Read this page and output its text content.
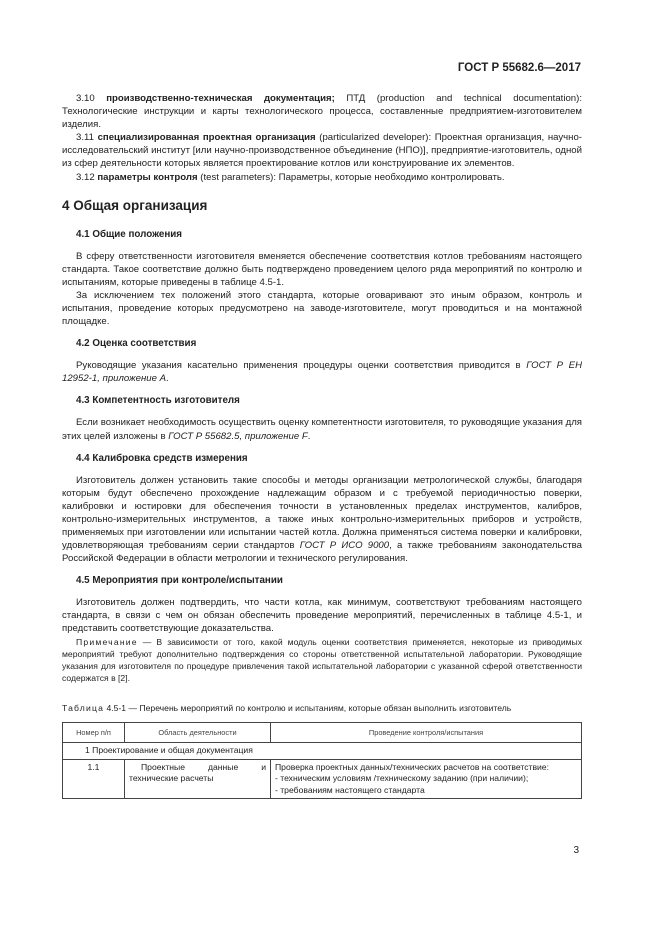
ГОСТ Р 55682.6—2017

3.10 производственно-техническая документация; ПТД (production and technical documentation): Технологические инструкции и карты технологического процесса, составленные предприятием-изготовителем изделия.

3.11 специализированная проектная организация (particularized developer): Проектная организация, научно-исследовательский институт [или научно-производственное объединение (НПО)], предприятие-изготовитель, одной из сфер деятельности которых является проектирование котлов или конструирование их элементов.

3.12 параметры контроля (test parameters): Параметры, которые необходимо контролировать.

4 Общая организация
4.1 Общие положения

В сферу ответственности изготовителя вменяется обеспечение соответствия котлов требованиям настоящего стандарта. Такое соответствие должно быть подтверждено проведением целого ряда мероприятий по контролю и испытаниям, которые приведены в таблице 4.5-1.

За исключением тех положений этого стандарта, которые оговаривают это иным образом, контроль и испытания, проведение которых предусмотрено на заводе-изготовителе, могут проводиться и на монтажной площадке.

4.2 Оценка соответствия

Руководящие указания касательно применения процедуры оценки соответствия приводится в ГОСТ Р ЕН 12952-1, приложение А.

4.3 Компетентность изготовителя

Если возникает необходимость осуществить оценку компетентности изготовителя, то руководящие указания для этих целей изложены в ГОСТ Р 55682.5, приложение F.

4.4 Калибровка средств измерения

Изготовитель должен установить такие способы и методы организации метрологической службы, благодаря которым будут обеспечено прохождение надлежащим образом и с требуемой периодичностью поверки, калибровки и юстировки для обеспечения точности в установленных пределах инструментов, калибров, контрольно-измерительных инструментов, а также иных контрольно-измерительных приборов и устройств, применяемых при изготовлении или испытании частей котла. Должна применяться система поверки и калибровки, удовлетворяющая требованиям серии стандартов ГОСТ Р ИСО 9000, а также требованиям законодательства Российской Федерации в области метрологии и технического регулирования.

4.5 Мероприятия при контроле/испытании

Изготовитель должен подтвердить, что части котла, как минимум, соответствуют требованиям настоящего стандарта, в связи с чем он обязан обеспечить проведение мероприятий, перечисленных в таблице 4.5-1, и представить соответствующие доказательства.

Примечание — В зависимости от того, какой модуль оценки соответствия применяется, некоторые из приводимых мероприятий требуют дополнительно подтверждения со стороны ответственной испытательной лаборатории. Руководящие указания для изготовителя по процедуре привлечения такой испытательной лаборатории с указанной сферой ответственности содержатся в [2].

Таблица 4.5-1 — Перечень мероприятий по контролю и испытаниям, которые обязан выполнить изготовитель
Номер п/п	Область деятельности	Проведение контроля/испытания
1 Проектирование и общая документация		
1.1	Проектные данные и технические расчеты	Проверка проектных данных/технических расчетов на соответствие:
- техническим условиям /техническому заданию (при наличии);
- требованиям настоящего стандарта
3
